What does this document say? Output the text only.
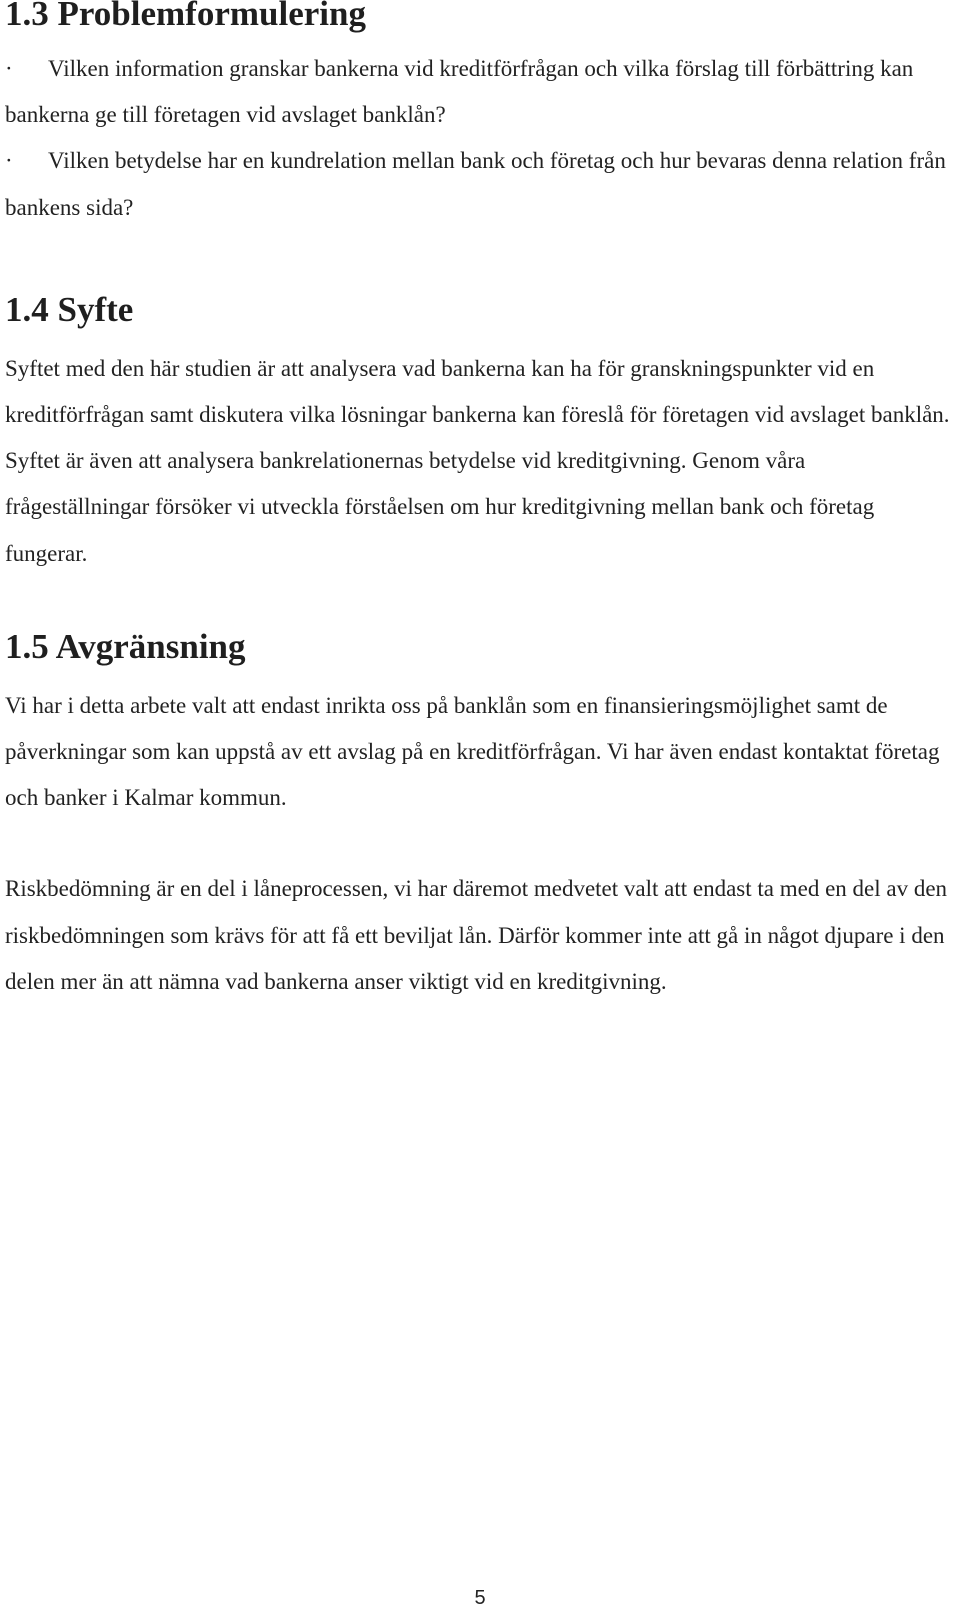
1.3 Problemformulering

· Vilken information granskar bankerna vid kreditförfrågan och vilka förslag till förbättring kan bankerna ge till företagen vid avslaget banklån?

· Vilken betydelse har en kundrelation mellan bank och företag och hur bevaras denna relation från bankens sida?

1.4 Syfte

Syftet med den här studien är att analysera vad bankerna kan ha för granskningspunkter vid en kreditförfrågan samt diskutera vilka lösningar bankerna kan föreslå för företagen vid avslaget banklån. Syftet är även att analysera bankrelationernas betydelse vid kreditgivning. Genom våra frågeställningar försöker vi utveckla förståelsen om hur kreditgivning mellan bank och företag fungerar.

1.5 Avgränsning

Vi har i detta arbete valt att endast inrikta oss på banklån som en finansieringsmöjlighet samt de påverkningar som kan uppstå av ett avslag på en kreditförfrågan. Vi har även endast kontaktat företag och banker i Kalmar kommun.

Riskbedömning är en del i låneprocessen, vi har däremot medvetet valt att endast ta med en del av den riskbedömningen som krävs för att få ett beviljat lån. Därför kommer inte att gå in något djupare i den delen mer än att nämna vad bankerna anser viktigt vid en kreditgivning.

5
